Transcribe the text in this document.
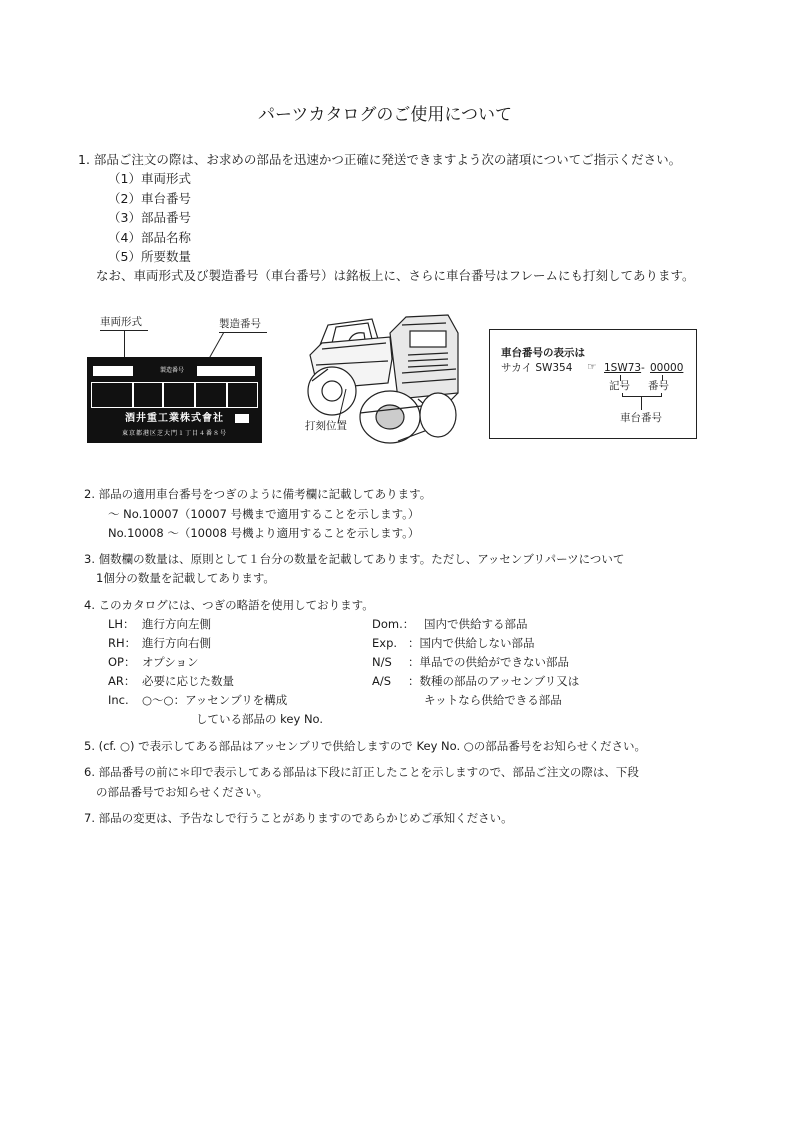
パーツカタログのご使用について
1. 部品ご注文の際は、お求めの部品を迅速かつ正確に発送できますよう次の諸項についてご指示ください。
（1）車両形式
（2）車台番号
（3）部品番号
（4）部品名称
（5）所要数量
なお、車両形式及び製造番号（車台番号）は銘板上に、さらに車台番号はフレームにも打刻してあります。
車両形式	製造番号
製造番号
酒井重工業株式會社
東京都港区芝大門１丁目４番８号
打刻位置
車台番号の表示は
サカイ SW354 ☞ 1SW73 - 00000
記号 番号
車台番号
2. 部品の適用車台番号をつぎのように備考欄に記載してあります。
～ No.10007（10007 号機まで適用することを示します。）
No.10008 ～（10008 号機より適用することを示します。）
3. 個数欄の数量は、原則として１台分の数量を記載してあります。ただし、アッセンブリパーツについて
1個分の数量を記載してあります。
4. このカタログには、つぎの略語を使用しております。
LH： 進行方向左側
RH： 進行方向右側
OP： オプション
AR： 必要に応じた数量
Inc. ○～○：アッセンブリを構成
している部品の key No.
Dom.： 国内で供給する部品
Exp. ：国内で供給しない部品
N/S ：単品での供給ができない部品
A/S ：数種の部品のアッセンブリ又は
キットなら供給できる部品
5. (cf. ○) で表示してある部品はアッセンブリで供給しますので Key No. ○の部品番号をお知らせください。
6. 部品番号の前に＊印で表示してある部品は下段に訂正したことを示しますので、部品ご注文の際は、下段
の部品番号でお知らせください。
7. 部品の変更は、予告なしで行うことがありますのであらかじめご承知ください。
